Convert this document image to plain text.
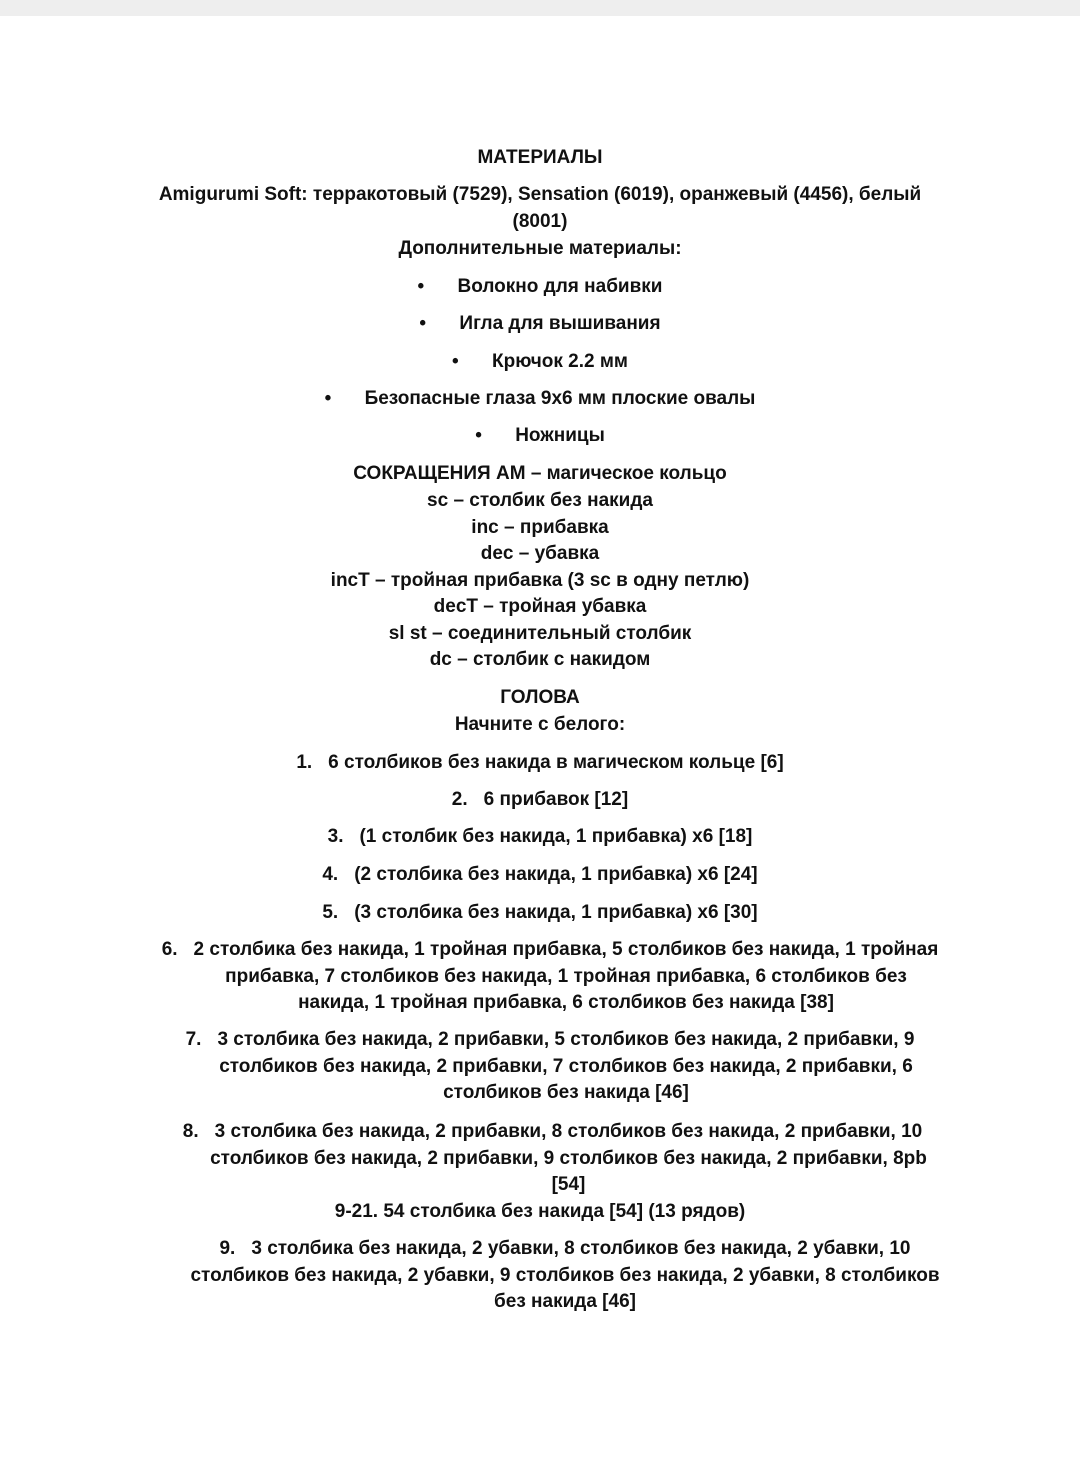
МАТЕРИАЛЫ

Amigurumi Soft: терракотовый (7529), Sensation (6019), оранжевый (4456), белый

(8001)

Дополнительные материалы:

• Волокно для набивки

• Игла для вышивания

• Крючок 2.2 мм

• Безопасные глаза 9x6 мм плоские овалы

• Ножницы

СОКРАЩЕНИЯ AM – магическое кольцо

sc – столбик без накида

inc – прибавка

dec – убавка

incT – тройная прибавка (3 sc в одну петлю)

decT – тройная убавка

sl st – соединительный столбик

dc – столбик с накидом

ГОЛОВА

Начните с белого:

1. 6 столбиков без накида в магическом кольце [6]

2. 6 прибавок [12]

3. (1 столбик без накида, 1 прибавка) x6 [18]

4. (2 столбика без накида, 1 прибавка) x6 [24]

5. (3 столбика без накида, 1 прибавка) x6 [30]

6. 2 столбика без накида, 1 тройная прибавка, 5 столбиков без накида, 1 тройная
прибавка, 7 столбиков без накида, 1 тройная прибавка, 6 столбиков без
накида, 1 тройная прибавка, 6 столбиков без накида [38]
7. 3 столбика без накида, 2 прибавки, 5 столбиков без накида, 2 прибавки, 9
столбиков без накида, 2 прибавки, 7 столбиков без накида, 2 прибавки, 6
столбиков без накида [46]
8. 3 столбика без накида, 2 прибавки, 8 столбиков без накида, 2 прибавки, 10
столбиков без накида, 2 прибавки, 9 столбиков без накида, 2 прибавки, 8pb
[54]

9-21. 54 столбика без накида [54] (13 рядов)

9. 3 столбика без накида, 2 убавки, 8 столбиков без накида, 2 убавки, 10
столбиков без накида, 2 убавки, 9 столбиков без накида, 2 убавки, 8 столбиков
без накида [46]
